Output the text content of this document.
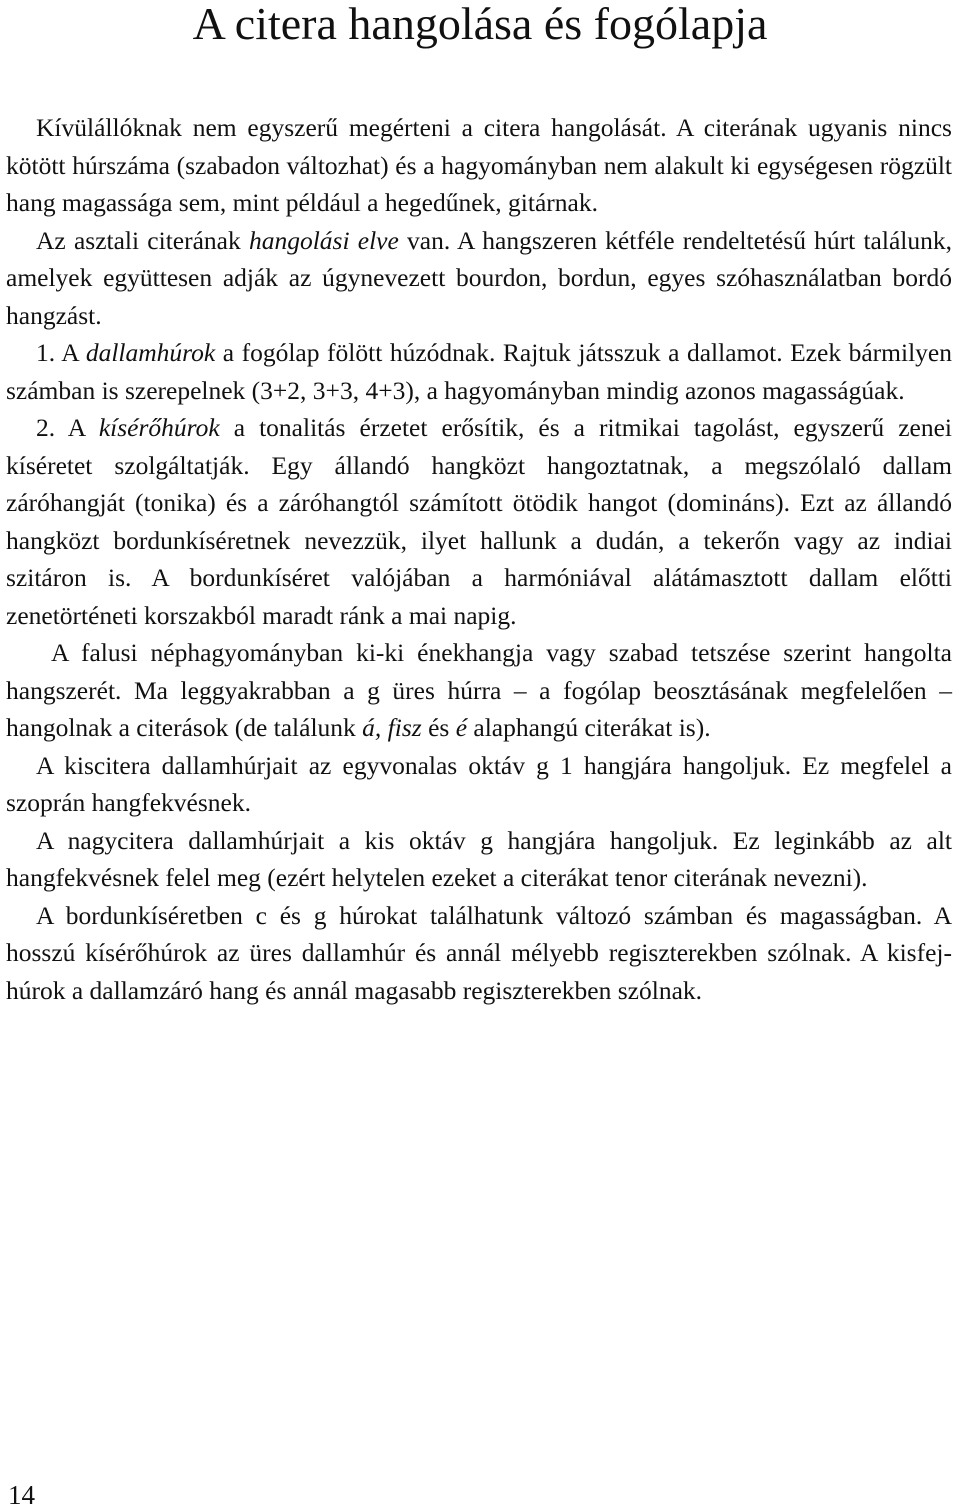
A citera hangolása és fogólapja

Kívülállóknak nem egyszerű megérteni a citera hangolását. A citerának ugyanis nincs kötött húrszáma (szabadon változhat) és a hagyományban nem alakult ki egységesen rögzült hang magassága sem, mint például a hegedűnek, gitárnak.

Az asztali citerának hangolási elve van. A hangszeren kétféle rendeltetésű húrt találunk, amelyek együttesen adják az úgynevezett bourdon, bordun, egyes szóhasználatban bordó hangzást.

1. A dallamhúrok a fogólap fölött húzódnak. Rajtuk játsszuk a dallamot. Ezek bármilyen számban is szerepelnek (3+2, 3+3, 4+3), a hagyományban mindig azonos magasságúak.

2. A kísérőhúrok a tonalitás érzetet erősítik, és a ritmikai tagolást, egyszerű zenei kíséretet szolgáltatják. Egy állandó hangközt hangoztatnak, a megszólaló dallam záróhangját (tonika) és a záróhangtól számított ötödik hangot (domináns). Ezt az állandó hangközt bordunkíséretnek nevezzük, ilyet hallunk a dudán, a tekerőn vagy az indiai szitáron is. A bordunkíséret valójában a harmóniával alátámasztott dallam előtti zenetörténeti korszakból maradt ránk a mai napig.

A falusi néphagyományban ki-ki énekhangja vagy szabad tetszése szerint hangolta hangszerét. Ma leggyakrabban a g üres húrra – a fogólap beosztásának megfelelően – hangolnak a citerások (de találunk á, fisz és é alaphangú citerákat is).

A kiscitera dallamhúrjait az egyvonalas oktáv g 1 hangjára hangoljuk. Ez megfelel a szoprán hangfekvésnek.

A nagycitera dallamhúrjait a kis oktáv g hangjára hangoljuk. Ez leginkább az alt hangfekvésnek felel meg (ezért helytelen ezeket a citerákat tenor citerának nevezni).

A bordunkíséretben c és g húrokat találhatunk változó számban és magasságban. A hosszú kísérőhúrok az üres dallamhúr és annál mélyebb regiszterekben szólnak. A kisfej-húrok a dallamzáró hang és annál magasabb regiszterekben szólnak.

14
